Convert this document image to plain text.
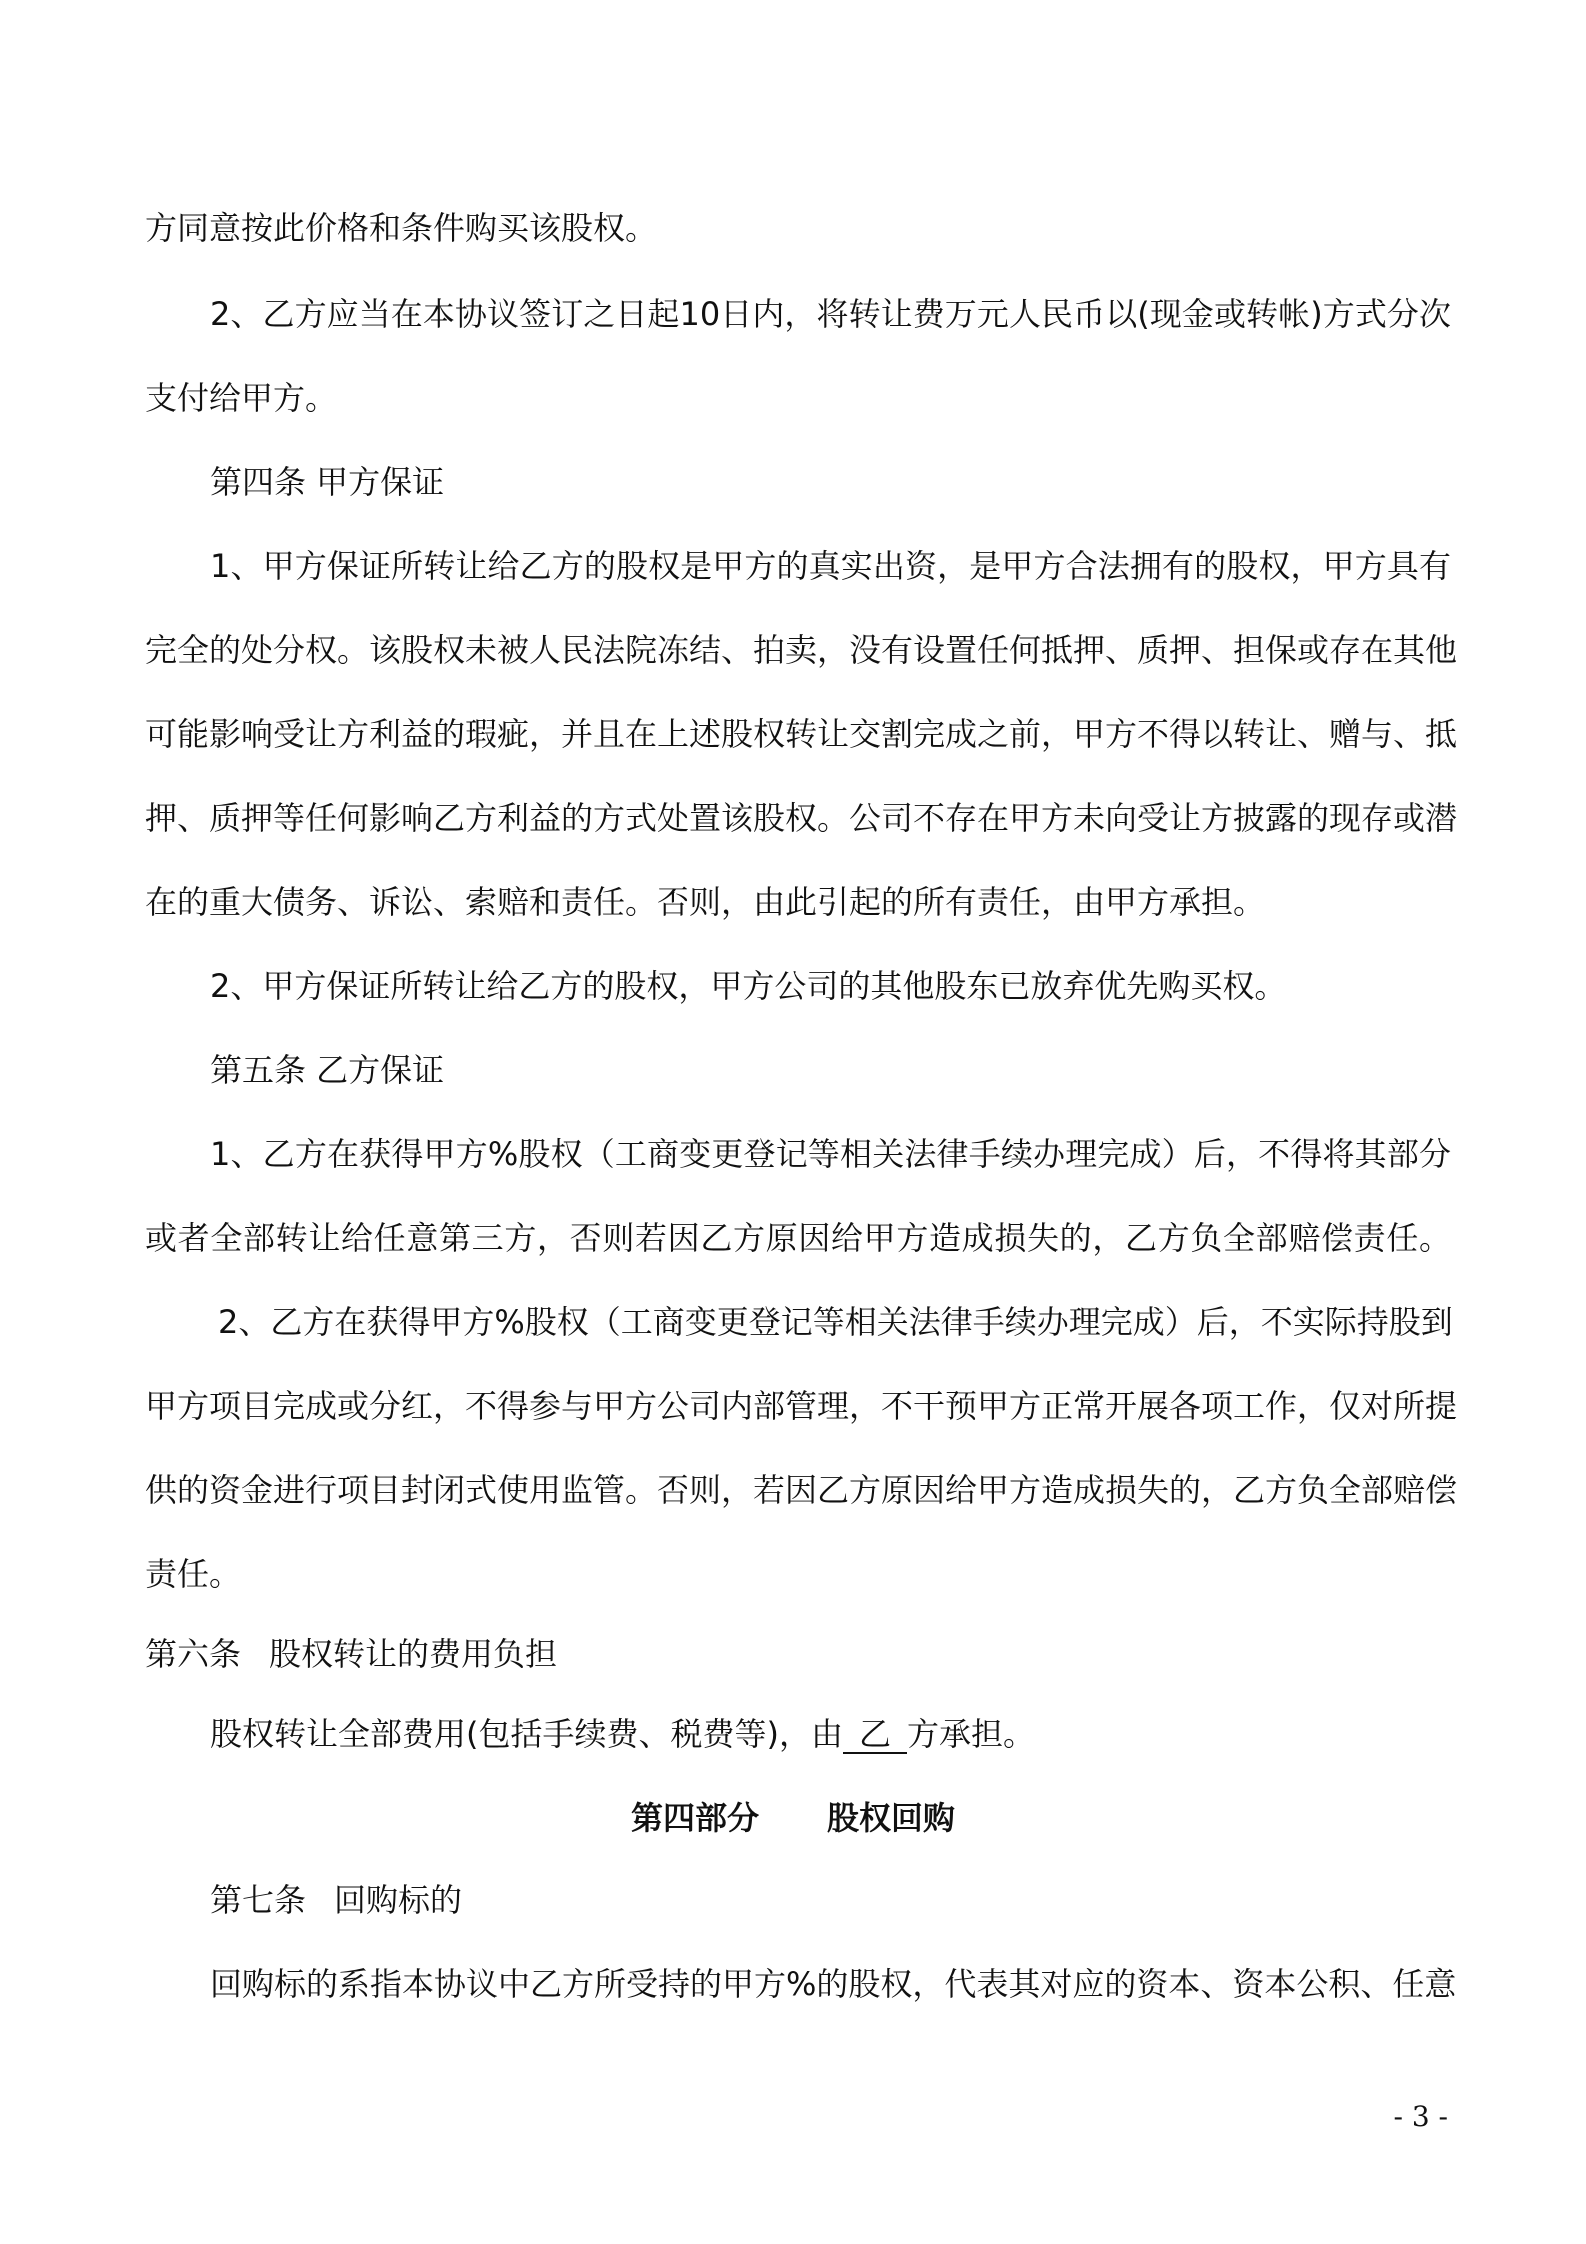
方同意按此价格和条件购买该股权。
2、乙方应当在本协议签订之日起10日内，将转让费万元人民币以(现金或转帐)方式分次
支付给甲方。
第四条 甲方保证
1、甲方保证所转让给乙方的股权是甲方的真实出资，是甲方合法拥有的股权，甲方具有
完全的处分权。该股权未被人民法院冻结、拍卖，没有设置任何抵押、质押、担保或存在其他
可能影响受让方利益的瑕疵，并且在上述股权转让交割完成之前，甲方不得以转让、赠与、抵
押、质押等任何影响乙方利益的方式处置该股权。公司不存在甲方未向受让方披露的现存或潜
在的重大债务、诉讼、索赔和责任。否则，由此引起的所有责任，由甲方承担。
2、甲方保证所转让给乙方的股权，甲方公司的其他股东已放弃优先购买权。
第五条 乙方保证
1、乙方在获得甲方%股权（工商变更登记等相关法律手续办理完成）后，不得将其部分
或者全部转让给任意第三方，否则若因乙方原因给甲方造成损失的，乙方负全部赔偿责任。
2、乙方在获得甲方%股权（工商变更登记等相关法律手续办理完成）后，不实际持股到
甲方项目完成或分红，不得参与甲方公司内部管理，不干预甲方正常开展各项工作，仅对所提
供的资金进行项目封闭式使用监管。否则，若因乙方原因给甲方造成损失的，乙方负全部赔偿
责任。
第六条 股权转让的费用负担
股权转让全部费用(包括手续费、税费等)，由 乙 方承担。
第四部分 股权回购
第七条 回购标的
回购标的系指本协议中乙方所受持的甲方%的股权，代表其对应的资本、资本公积、任意
- 3 -
